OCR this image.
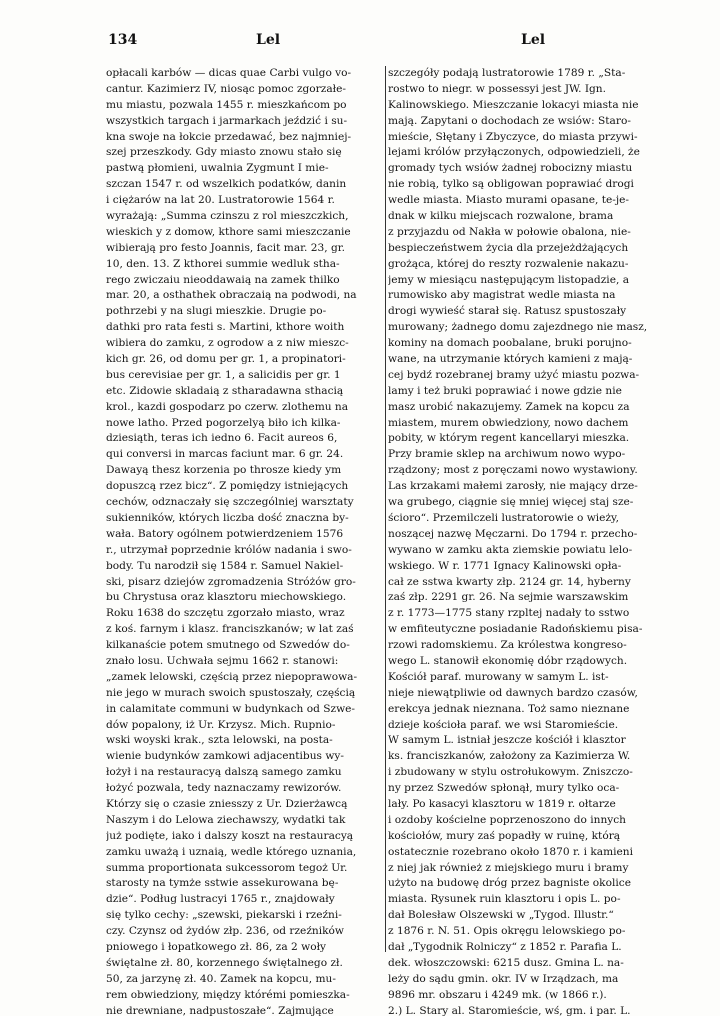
134	Lel	Lel
opłacali karbów — dicas quae Carbi vulgo vo-
cantur. Kazimierz IV, niosąc pomoc zgorzałe-
mu miastu, pozwala 1455 r. mieszkańcom po
wszystkich targach i jarmarkach jeździć i su-
kna swoje na łokcie przedawać, bez najmniej-
szej przeszkody. Gdy miasto znowu stało się
pastwą płomieni, uwalnia Zygmunt I mie-
szczan 1547 r. od wszelkich podatków, danin
i ciężarów na lat 20. Lustratorowie 1564 r.
wyrażają: „Summa czinszu z rol mieszczkich,
wieskich y z domow, kthore sami mieszczanie
wibierają pro festo Joannis, facit mar. 23, gr.
10, den. 13. Z kthorei summie wedluk stha-
rego zwiczaiu nieoddawaią na zamek thilko
mar. 20, a osthathek obraczaią na podwodi, na
pothrzebi y na slugi mieszkie. Drugie po-
dathki pro rata festi s. Martini, kthore woith
wibiera do zamku, z ogrodow a z niw mieszc-
kich gr. 26, od domu per gr. 1, a propinatori-
bus cerevisiae per gr. 1, a salicidis per gr. 1
etc. Zidowie skladaią z stharadawna sthacią
krol., kazdi gospodarz po czerw. zlothemu na
nowe latho. Przed pogorzelyą biło ich kilka-
dziesiąth, teras ich iedno 6. Facit aureos 6,
qui conversi in marcas faciunt mar. 6 gr. 24.
Dawayą thesz korzenia po throsze kiedy ym
dopuszcą rzez bicz“. Z pomiędzy istniejących
cechów, odznaczały się szczególniej warsztaty
sukienników, których liczba dość znaczna by-
wała. Batory ogólnem potwierdzeniem 1576
r., utrzymał poprzednie królów nadania i swo-
body. Tu narodził się 1584 r. Samuel Nakiel-
ski, pisarz dziejów zgromadzenia Stróżów gro-
bu Chrystusa oraz klasztoru miechowskiego.
Roku 1638 do szczętu zgorzało miasto, wraz
z koś. farnym i klasz. franciszkanów; w lat zaś
kilkanaście potem smutnego od Szwedów do-
znało losu. Uchwała sejmu 1662 r. stanowi:
„zamek lelowski, częścią przez niepoprawowa-
nie jego w murach swoich spustoszały, częścią
in calamitate communi w budynkach od Szwe-
dów popalony, iż Ur. Krzysz. Mich. Rupnio-
wski woyski krak., szta lelowski, na posta-
wienie budynków zamkowi adjacentibus wy-
łożył i na restauracyą dalszą samego zamku
łożyć pozwala, tedy naznaczamy rewizorów.
Którzy się o czasie zniesszy z Ur. Dzierżawcą
Naszym i do Lelowa ziechawszy, wydatki tak
już podięte, iako i dalszy koszt na restauracyą
zamku uważą i uznaią, wedle którego uznania,
summa proportionata sukcessorom tegoż Ur.
starosty na tymże sstwie assekurowana bę-
dzie“. Podług lustracyi 1765 r., znajdowały
się tylko cechy: „szewski, piekarski i rzeźni-
czy. Czynsz od żydów złp. 236, od rzeźników
pniowego i łopatkowego zł. 86, za 2 woły
świętalne zł. 80, korzennego świętalnego zł.
50, za jarzynę zł. 40. Zamek na kopcu, mu-
rem obwiedziony, między którémi pomieszka-
nie drewniane, nadpustoszałe“. Zajmujące
szczegóły podają lustratorowie 1789 r. „Sta-
rostwo to niegr. w possessyi jest JW. Ign.
Kalinowskiego. Mieszczanie lokacyi miasta nie
mają. Zapytani o dochodach ze wsiów: Staro-
mieście, Słętany i Zbyczyce, do miasta przywi-
lejami królów przyłączonych, odpowiedzieli, że
gromady tych wsiów żadnej robocizny miastu
nie robią, tylko są obligowan poprawiać drogi
wedle miasta. Miasto murami opasane, te-je-
dnak w kilku miejscach rozwalone, brama
z przyjazdu od Nakła w połowie obalona, nie-
bespieczeństwem życia dla przejeżdżających
grożąca, której do reszty rozwalenie nakazu-
jemy w miesiącu następującym listopadzie, a
rumowisko aby magistrat wedle miasta na
drogi wywieść starał się. Ratusz spustoszały
murowany; żadnego domu zajezdnego nie masz,
kominy na domach poobalane, bruki porujno-
wane, na utrzymanie których kamieni z mają-
cej bydź rozebranej bramy użyć miastu pozwa-
lamy i też bruki poprawiać i nowe gdzie nie
masz urobić nakazujemy. Zamek na kopcu za
miastem, murem obwiedziony, nowo dachem
pobity, w którym regent kancellaryi mieszka.
Przy bramie sklep na archiwum nowo wypo-
rządzony; most z poręczami nowo wystawiony.
Las krzakami małemi zarosły, nie mający drze-
wa grubego, ciągnie się mniej więcej staj sze-
ściorо“. Przemilczeli lustratorowie o wieży,
noszącej nazwę Męczarni. Do 1794 r. przecho-
wywano w zamku akta ziemskie powiatu lelo-
wskiego. W r. 1771 Ignacy Kalinowski opła-
cał ze sstwa kwarty złp. 2124 gr. 14, hyberny
zaś złp. 2291 gr. 26. Na sejmie warszawskim
z r. 1773—1775 stany rzpltej nadały to sstwo
w emfiteutyczne posiadanie Radońskiemu pisa-
rzowi radomskiemu. Za królestwa kongreso-
wego L. stanowił ekonomię dóbr rządowych.
Kościół paraf. murowany w samym L. ist-
nieje niewątpliwie od dawnych bardzo czasów,
erekcya jednak nieznana. Toż samo nieznane
dzieje kościoła paraf. we wsi Staromieście.
W samym L. istniał jeszcze kościół i klasztor
ks. franciszkanów, założony za Kazimierza W.
i zbudowany w stylu ostrołukowym. Zniszczo-
ny przez Szwedów spłonął, mury tylko oca-
lały. Po kasacyi klasztoru w 1819 r. ołtarze
i ozdoby kościelne poprzenoszono do innych
kościołów, mury zaś popadły w ruinę, którą
ostatecznie rozebrano około 1870 r. i kamieni
z niej jak również z miejskiego muru i bramy
użyto na budowę dróg przez bagniste okolice
miasta. Rysunek ruin klasztoru i opis L. po-
dał Bolesław Olszewski w „Tygod. Illustr.“
z 1876 r. N. 51. Opis okręgu lelowskiego po-
dał „Tygodnik Rolniczy“ z 1852 r. Parafia L.
dek. włoszczowski: 6215 dusz. Gmina L. na-
leży do sądu gmin. okr. IV w Irządzach, ma
9896 mr. obszaru i 4249 mk. (w 1866 r.).
2.) L. Stary al. Staromieście, wś, gm. i par. L.
